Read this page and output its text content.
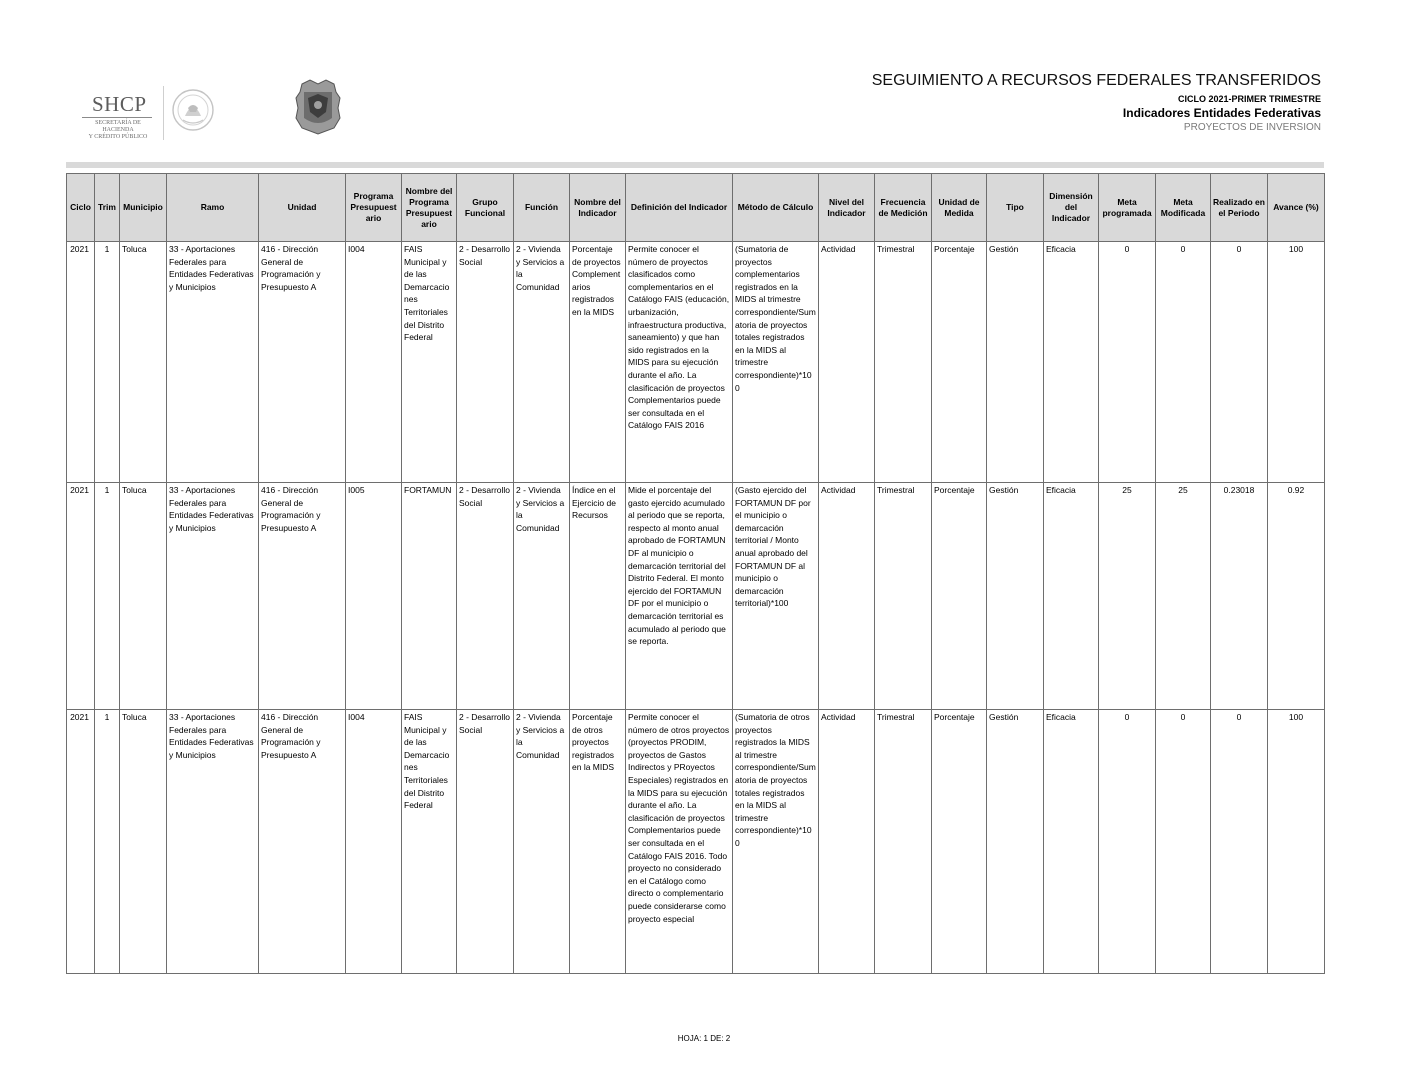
SHCP
SECRETARÍA DE HACIENDA
Y CRÉDITO PÚBLICO
SEGUIMIENTO A RECURSOS FEDERALES TRANSFERIDOS
CICLO 2021-PRIMER TRIMESTRE
Indicadores Entidades Federativas
PROYECTOS DE INVERSION
Ciclo	Trim	Municipio	Ramo	Unidad	Programa Presupuest ario	Nombre del Programa Presupuest ario	Grupo Funcional	Función	Nombre del Indicador	Definición del Indicador	Método de Cálculo	Nivel del Indicador	Frecuencia de Medición	Unidad de Medida	Tipo	Dimensión del Indicador	Meta programada	Meta Modificada	Realizado en el Periodo	Avance (%)
2021	1	Toluca	33 - Aportaciones Federales para Entidades Federativas y Municipios	416 - Dirección General de Programación y Presupuesto A	I004	FAIS Municipal y de las Demarcaciones Territoriales del Distrito Federal	2 - Desarrollo Social	2 - Vivienda y Servicios a la Comunidad	Porcentaje de proyectos Complementarios registrados en la MIDS	Permite conocer el número de proyectos clasificados como complementarios en el Catálogo FAIS (educación, urbanización, infraestructura productiva, saneamiento) y que han sido registrados en la MIDS para su ejecución durante el año. La clasificación de proyectos Complementarios puede ser consultada en el Catálogo FAIS 2016	(Sumatoria de proyectos complementarios registrados en la MIDS al trimestre correspondiente/Sumatoria de proyectos totales registrados en la MIDS al trimestre correspondiente)*100	Actividad	Trimestral	Porcentaje	Gestión	Eficacia	0	0	0	100
2021	1	Toluca	33 - Aportaciones Federales para Entidades Federativas y Municipios	416 - Dirección General de Programación y Presupuesto A	I005	FORTAMUN	2 - Desarrollo Social	2 - Vivienda y Servicios a la Comunidad	Índice en el Ejercicio de Recursos	Mide el porcentaje del gasto ejercido acumulado al periodo que se reporta, respecto al monto anual aprobado de FORTAMUN DF al municipio o demarcación territorial del Distrito Federal. El monto ejercido del FORTAMUN DF por el municipio o demarcación territorial es acumulado al periodo que se reporta.	(Gasto ejercido del FORTAMUN DF por el municipio o demarcación territorial / Monto anual aprobado del FORTAMUN DF al municipio o demarcación territorial)*100	Actividad	Trimestral	Porcentaje	Gestión	Eficacia	25	25	0.23018	0.92
2021	1	Toluca	33 - Aportaciones Federales para Entidades Federativas y Municipios	416 - Dirección General de Programación y Presupuesto A	I004	FAIS Municipal y de las Demarcaciones Territoriales del Distrito Federal	2 - Desarrollo Social	2 - Vivienda y Servicios a la Comunidad	Porcentaje de otros proyectos registrados en la MIDS	Permite conocer el número de otros proyectos (proyectos PRODIM, proyectos de Gastos Indirectos y PRoyectos Especiales) registrados en la MIDS para su ejecución durante el año. La clasificación de proyectos Complementarios puede ser consultada en el Catálogo FAIS 2016. Todo proyecto no considerado en el Catálogo como directo o complementario puede considerarse como proyecto especial	(Sumatoria de otros proyectos registrados la MIDS al trimestre correspondiente/Sumatoria de proyectos totales registrados en la MIDS al trimestre correspondiente)*100	Actividad	Trimestral	Porcentaje	Gestión	Eficacia	0	0	0	100
HOJA: 1 DE: 2
